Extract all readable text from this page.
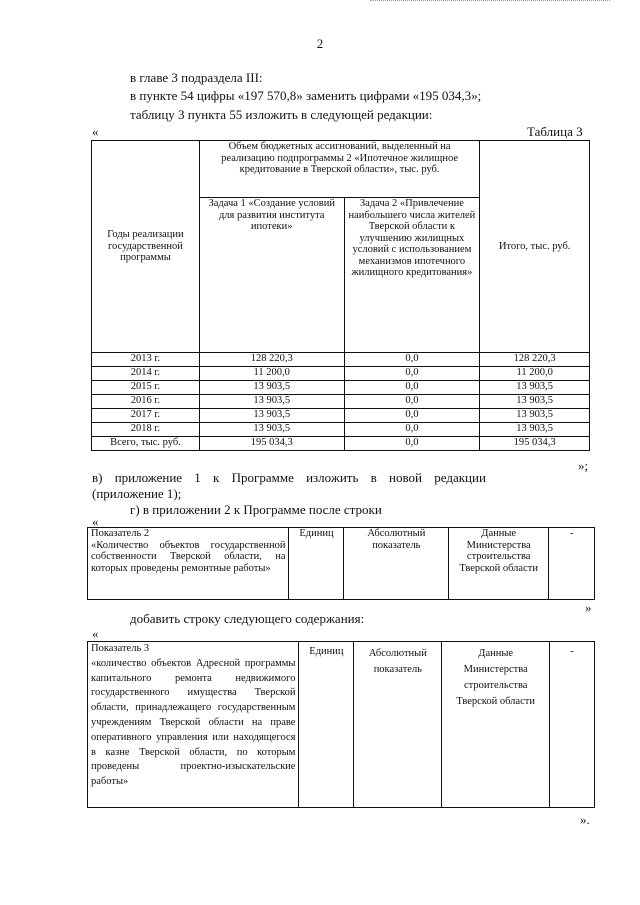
2
в главе 3 подраздела III:
в пункте 54 цифры «197 570,8» заменить цифрами «195 034,3»;
таблицу 3 пункта 55 изложить в следующей редакции:
«	Таблица 3
Годы реализации государственной программы	Объем бюджетных ассигнований, выделенный на реализацию подпрограммы 2 «Ипотечное жилищное кредитование в Тверской области», тыс. руб.		Итого, тыс. руб.
	Задача 1 «Создание условий для развития института ипотеки»	Задача 2 «Привлечение наибольшего числа жителей Тверской области к улучшению жилищных условий с использованием механизмов ипотечного жилищного кредитования»	
2013 г.	128 220,3	0,0	128 220,3
2014 г.	11 200,0	0,0	11 200,0
2015 г.	13 903,5	0,0	13 903,5
2016 г.	13 903,5	0,0	13 903,5
2017 г.	13 903,5	0,0	13 903,5
2018 г.	13 903,5	0,0	13 903,5
Всего, тыс. руб.	195 034,3	0,0	195 034,3
»;
в) приложение 1 к Программе изложить в новой редакции
(приложение 1);
г) в приложении 2 к Программе после строки
«
Показатель 2
«Количество объектов государственной собственности Тверской области, на которых проведены ремонтные работы»
	Единиц	Абсолютный показатель	Данные Министерства строительства Тверской области	-
»
добавить строку следующего содержания:
«
Показатель 3
«количество объектов Адресной программы капитального ремонта недвижимого государственного имущества Тверской области, принадлежащего государственным учреждениям Тверской области на праве оперативного управления или находящегося в казне Тверской области, по которым проведены проектно-изыскательские работы»
	Единиц	Абсолютный показатель	Данные Министерства строительства Тверской области	-
».
